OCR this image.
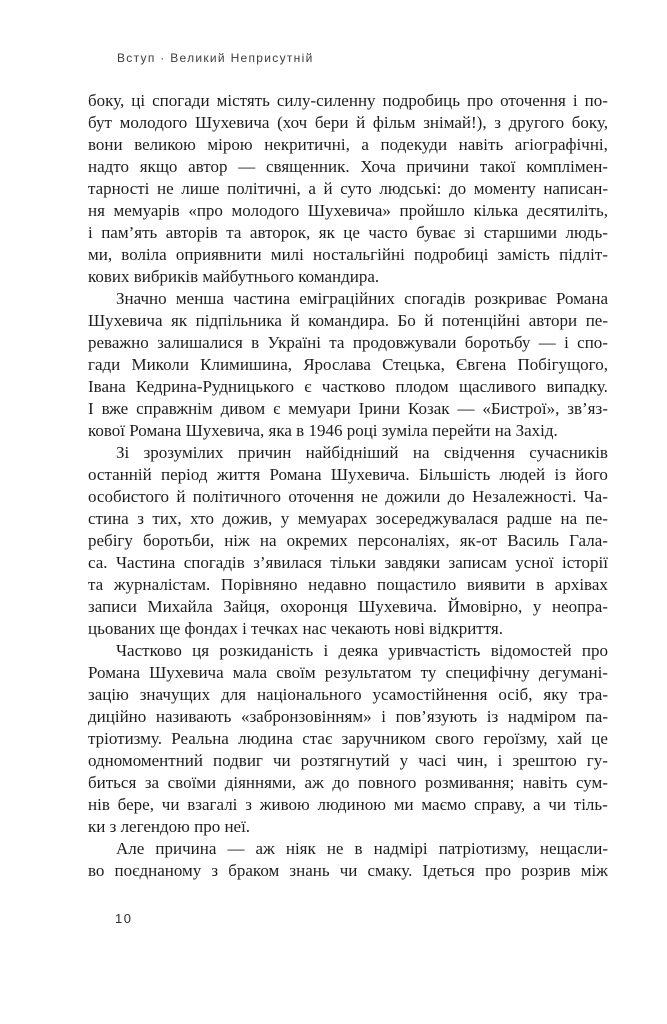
Вступ · Великий Неприсутній
боку, ці спогади містять силу-силенну подробиць про оточення і по-
бут молодого Шухевича (хоч бери й фільм знімай!), з другого боку,
вони великою мірою некритичні, а подекуди навіть агіографічні,
надто якщо автор — священник. Хоча причини такої комплімен-
тарності не лише політичні, а й суто людські: до моменту написан-
ня мемуарів «про молодого Шухевича» пройшло кілька десятиліть,
і пам’ять авторів та авторок, як це часто буває зі старшими людь-
ми, воліла оприявнити милі ностальгійні подробиці замість підліт-
кових вибриків майбутнього командира.
Значно менша частина еміграційних спогадів розкриває Романа
Шухевича як підпільника й командира. Бо й потенційні автори пе-
реважно залишалися в Україні та продовжували боротьбу — і спо-
гади Миколи Климишина, Ярослава Стецька, Євгена Побігущого,
Івана Кедрина-Рудницького є частково плодом щасливого випадку.
І вже справжнім дивом є мемуари Ірини Козак — «Бистрої», зв’яз-
кової Романа Шухевича, яка в 1946 році зуміла перейти на Захід.
Зі зрозумілих причин найбідніший на свідчення сучасників
останній період життя Романа Шухевича. Більшість людей із його
особистого й політичного оточення не дожили до Незалежності. Ча-
стина з тих, хто дожив, у мемуарах зосереджувалася радше на пе-
ребігу боротьби, ніж на окремих персоналіях, як-от Василь Гала-
са. Частина спогадів з’явилася тільки завдяки записам усної історії
та журналістам. Порівняно недавно пощастило виявити в архівах
записи Михайла Зайця, охоронця Шухевича. Ймовірно, у неопра-
цьованих ще фондах і течках нас чекають нові відкриття.
Частково ця розкиданість і деяка уривчастість відомостей про
Романа Шухевича мала своїм результатом ту специфічну дегумані-
зацію значущих для національного усамостійнення осіб, яку тра-
диційно називають «забронзовінням» і пов’язують із надміром па-
тріотизму. Реальна людина стає заручником свого героїзму, хай це
одномоментний подвиг чи розтягнутий у часі чин, і зрештою гу-
биться за своїми діяннями, аж до повного розмивання; навіть сум-
нів бере, чи взагалі з живою людиною ми маємо справу, а чи тіль-
ки з легендою про неї.
Але причина — аж ніяк не в надмірі патріотизму, нещасли-
во поєднаному з браком знань чи смаку. Ідеться про розрив між
10
